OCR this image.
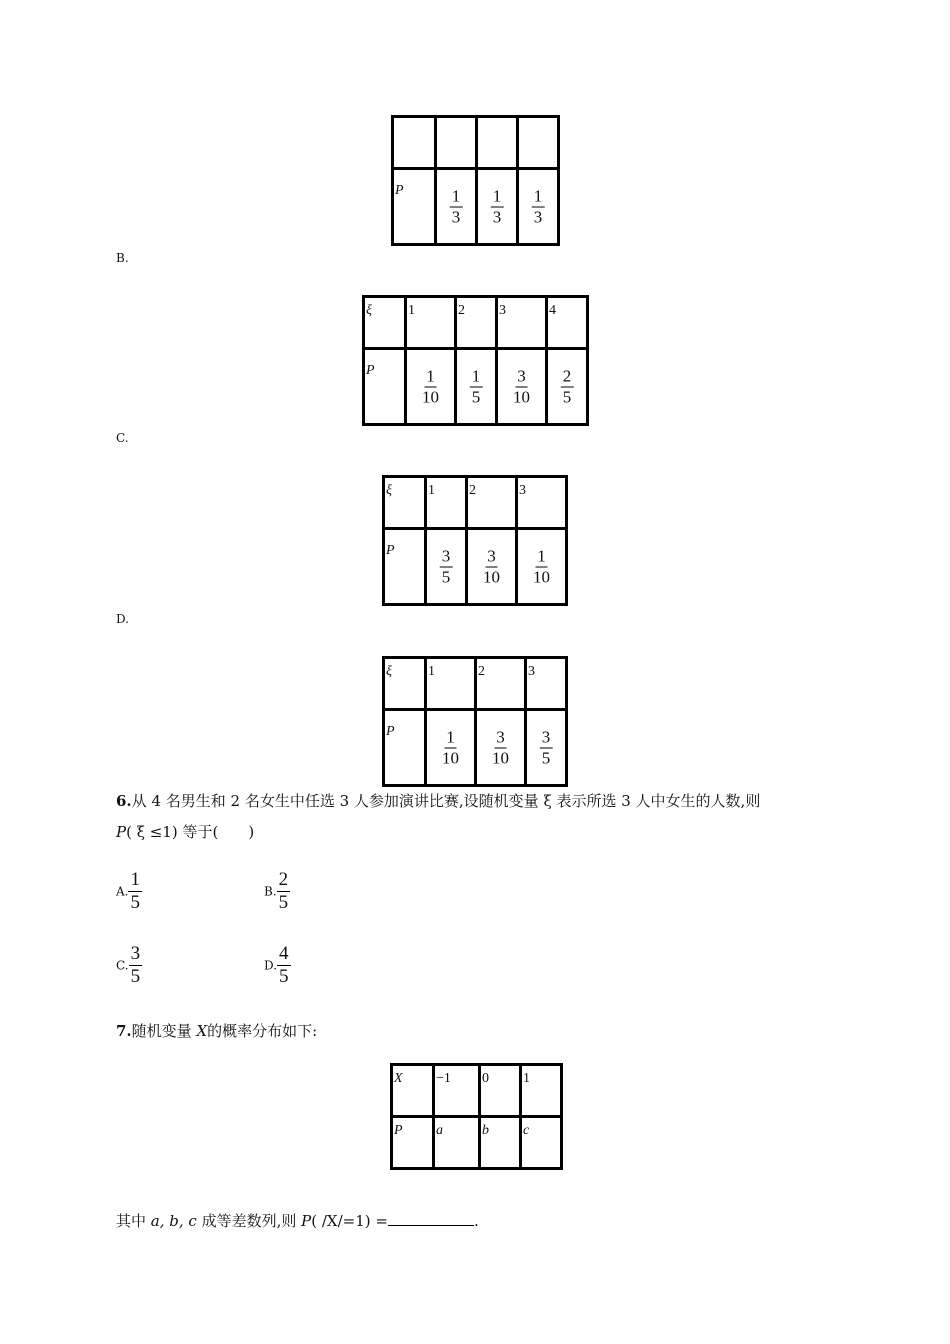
P	$\frac{1}{3}$	$\frac{1}{3}$	$\frac{1}{3}$
B.
ξ	1	2	3	4

P	$\frac{1}{10}$	$\frac{1}{5}$	$\frac{3}{10}$	$\frac{2}{5}$
C.
ξ	1	2	3

P	$\frac{3}{5}$	$\frac{3}{10}$	$\frac{1}{10}$
D.
ξ	1	2	3

P	$\frac{1}{10}$	$\frac{3}{10}$	$\frac{3}{5}$
6.从 4 名男生和 2 名女生中任选 3 人参加演讲比赛,设随机变量 ξ 表示所选 3 人中女生的人数,则
P( ξ ≤1) 等于(　　)
A. $\frac{1}{5}$	B. $\frac{2}{5}$
C. $\frac{3}{5}$	D. $\frac{4}{5}$
7.随机变量 X的概率分布如下:
X	−1	0	1

P	a	b	c
其中 a, b, c 成等差数列,则 P( /X/=1) =	.
